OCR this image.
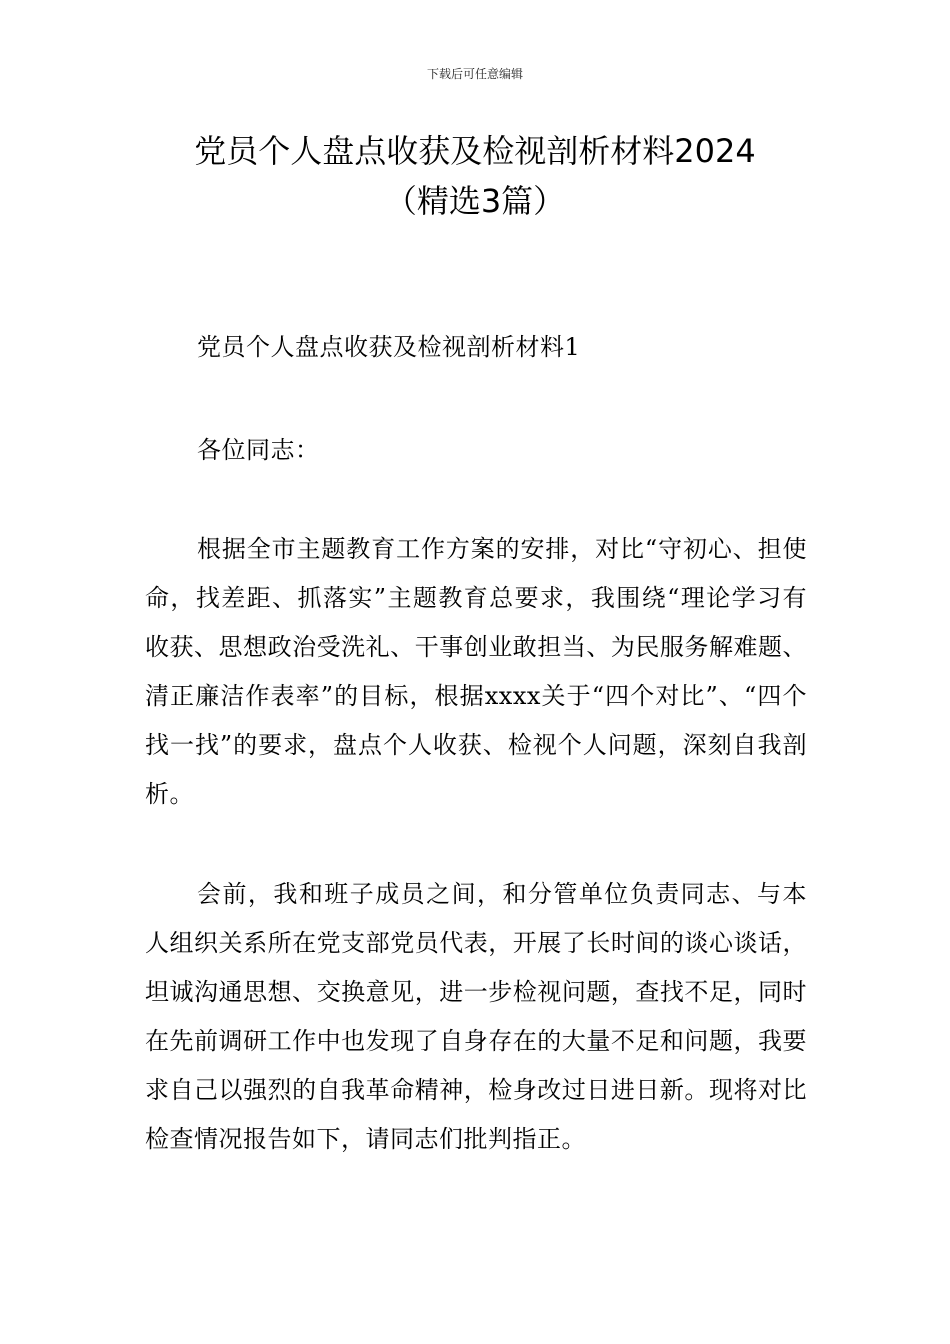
下载后可任意编辑
党员个人盘点收获及检视剖析材料2024
（精选3篇）
党员个人盘点收获及检视剖析材料1
各位同志：
根据全市主题教育工作方案的安排，对比“守初心、担使命，找差距、抓落实”主题教育总要求，我围绕“理论学习有收获、思想政治受洗礼、干事创业敢担当、为民服务解难题、清正廉洁作表率”的目标，根据xxxx关于“四个对比”、“四个找一找”的要求，盘点个人收获、检视个人问题，深刻自我剖析。
会前，我和班子成员之间，和分管单位负责同志、与本人组织关系所在党支部党员代表，开展了长时间的谈心谈话，坦诚沟通思想、交换意见，进一步检视问题，查找不足，同时在先前调研工作中也发现了自身存在的大量不足和问题，我要求自己以强烈的自我革命精神，检身改过日进日新。现将对比检查情况报告如下，请同志们批判指正。
